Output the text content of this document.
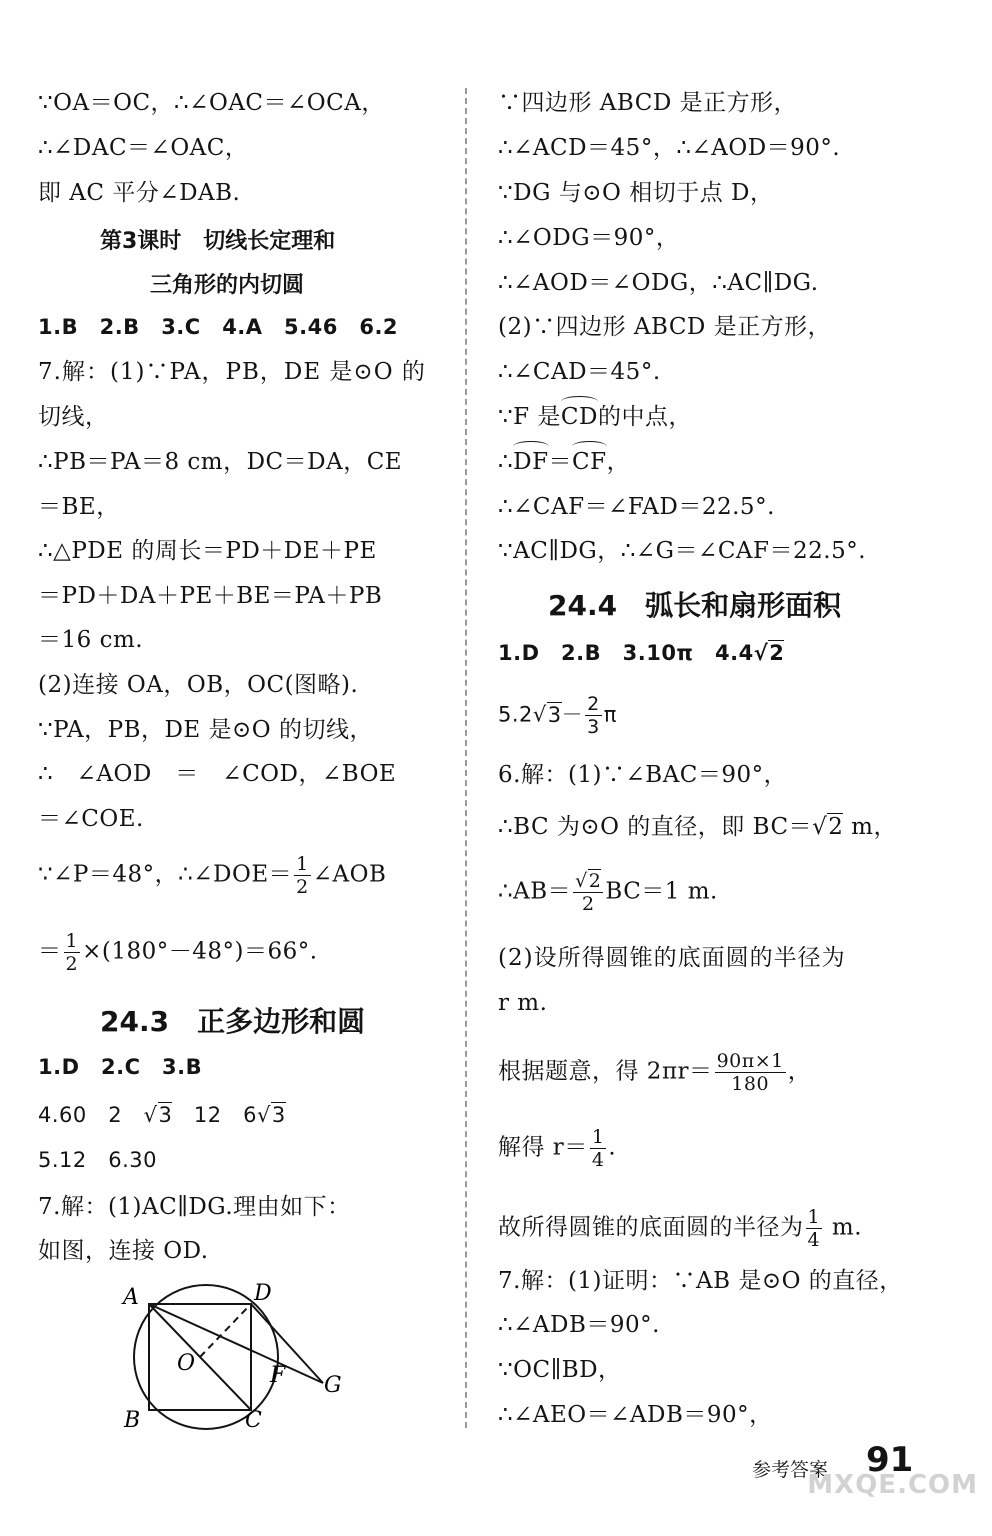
∵OA＝OC，∴∠OAC＝∠OCA，
∴∠DAC＝∠OAC，
即 AC 平分∠DAB.
第3课时　切线长定理和
三角形的内切圆
1.B　2.B　3.C　4.A　5.46　6.2
7.解：(1)∵PA，PB，DE 是⊙O 的
切线，
∴PB＝PA＝8 cm，DC＝DA，CE
＝BE，
∴△PDE 的周长＝PD＋DE＋PE
＝PD＋DA＋PE＋BE＝PA＋PB
＝16 cm.
(2)连接 OA，OB，OC(图略).
∵PA，PB，DE 是⊙O 的切线，
∴　∠AOD　＝　∠COD，∠BOE
＝∠COE.
∵∠P＝48°，∴∠DOE＝ $\frac{1}{2}$ ∠AOB
＝ $\frac{1}{2} \times(180^\circ-48^\circ)=66^\circ$.
24.3　正多边形和圆
1.D　2.C　3.B
4.60　2　√3　12　6√3
5.12　6.30
7.解：(1)AC∥DG.理由如下：
如图，连接 OD.
A
B	C
D
O	F G
∵四边形 ABCD 是正方形，
∴∠ACD＝45°，∴∠AOD＝90°.
∵DG 与⊙O 相切于点 D，
∴∠ODG＝90°，
∴∠AOD＝∠ODG，∴AC∥DG.
(2)∵四边形 ABCD 是正方形，
∴∠CAD＝45°.
∵F 是CD的中点，
∴DF＝CF，
∴∠CAF＝∠FAD＝22.5°.
∵AC∥DG，∴∠G＝∠CAF＝22.5°.
24.4　弧长和扇形面积
1.D　2.B　3.10π　4.4√2
$5.2√3- \frac{2}{3}$ π
6.解：(1)∵∠BAC＝90°，
∴BC 为⊙O 的直径，即 BC＝√2 m，
∴AB＝ $\frac{√2}{2} BC=1$ m.
(2)设所得圆锥的底面圆的半径为
r m.
根据题意，得 $2\pi r= \frac{90\pi\times 1}{180}$ ，
解得 $r= \frac{1}{4}$ .
故所得圆锥的底面圆的半径为 $\frac{1}{4} m$.
7.解：(1)证明：∵AB 是⊙O 的直径，
∴∠ADB＝90°.
∵OC∥BD，
∴∠AEO＝∠ADB＝90°，
参考答案 91
MXQE.COM
